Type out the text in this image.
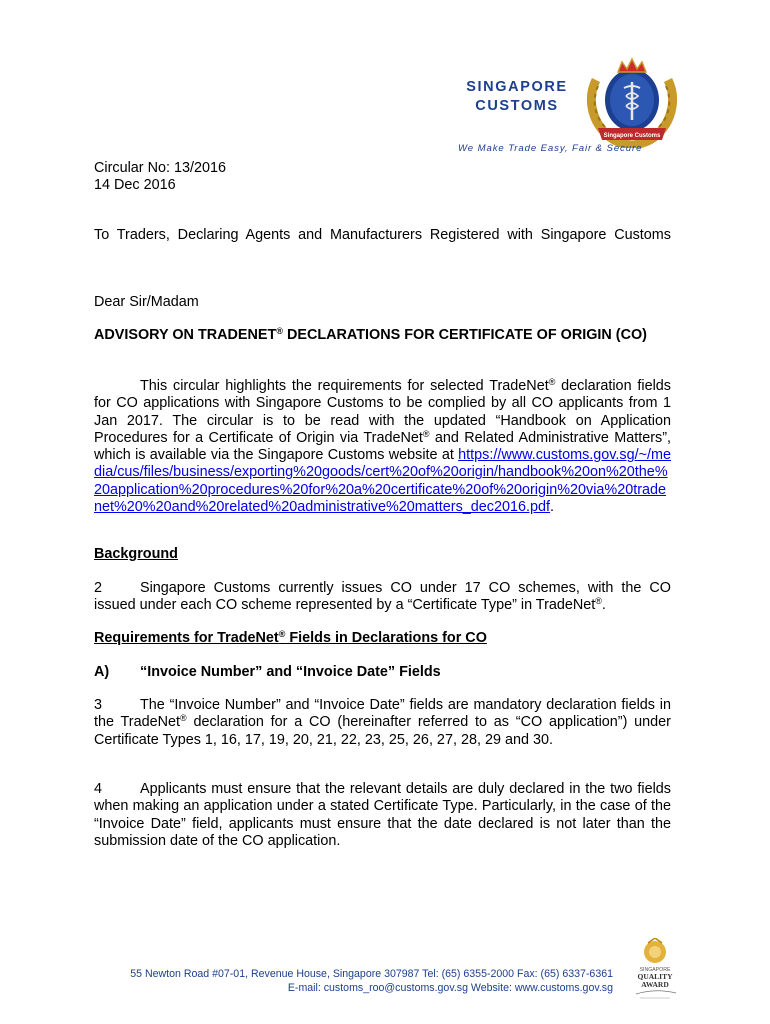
SINGAPORE
CUSTOMS
Singapore Customs
We Make Trade Easy, Fair & Secure
Circular No: 13/2016
14 Dec 2016
To Traders, Declaring Agents and Manufacturers Registered with Singapore Customs
Dear Sir/Madam
ADVISORY ON TRADENET® DECLARATIONS FOR CERTIFICATE OF ORIGIN (CO)
This circular highlights the requirements for selected TradeNet® declaration fields for CO applications with Singapore Customs to be complied by all CO applicants from 1 Jan 2017. The circular is to be read with the updated “Handbook on Application Procedures for a Certificate of Origin via TradeNet® and Related Administrative Matters”, which is available via the Singapore Customs website at https://www.customs.gov.sg/~/media/cus/files/business/exporting%20goods/cert%20of%20origin/handbook%20on%20the%20application%20procedures%20for%20a%20certificate%20of%20origin%20via%20tradenet%20%20and%20related%20administrative%20matters_dec2016.pdf.
Background
2	Singapore Customs currently issues CO under 17 CO schemes, with the CO issued under each CO scheme represented by a “Certificate Type” in TradeNet®.
Requirements for TradeNet® Fields in Declarations for CO
A) “Invoice Number” and “Invoice Date” Fields
3	The “Invoice Number” and “Invoice Date” fields are mandatory declaration fields in the TradeNet® declaration for a CO (hereinafter referred to as “CO application”) under Certificate Types 1, 16, 17, 19, 20, 21, 22, 23, 25, 26, 27, 28, 29 and 30.
4	Applicants must ensure that the relevant details are duly declared in the two fields when making an application under a stated Certificate Type. Particularly, in the case of the “Invoice Date” field, applicants must ensure that the date declared is not later than the submission date of the CO application.
55 Newton Road #07-01, Revenue House, Singapore 307987 Tel: (65) 6355-2000 Fax: (65) 6337-6361
E-mail: customs_roo@customs.gov.sg Website: www.customs.gov.sg
SINGAPORE
QUALITY
AWARD
